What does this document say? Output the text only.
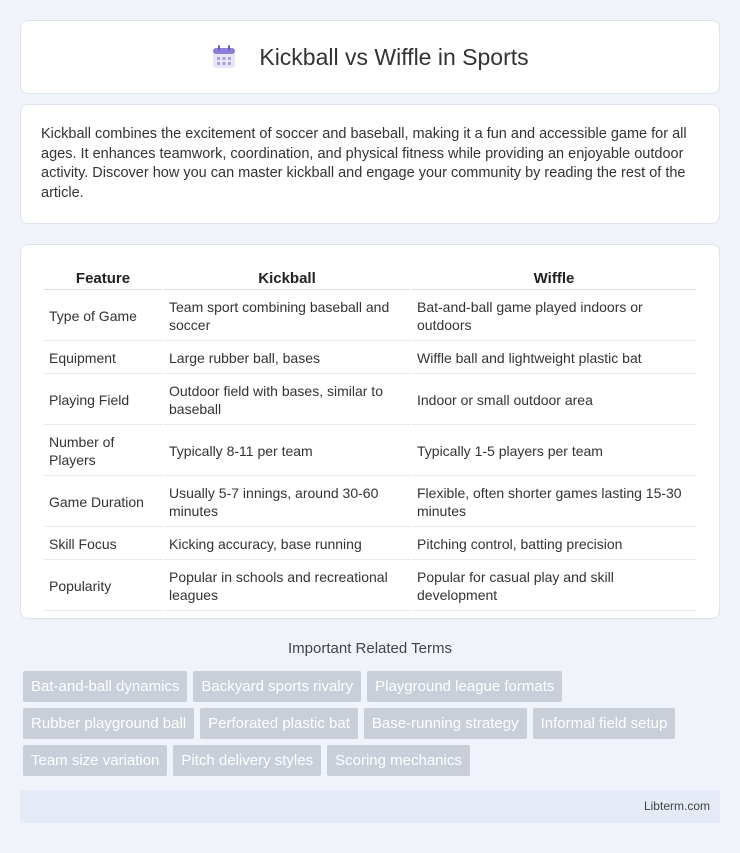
Kickball vs Wiffle in Sports

Kickball combines the excitement of soccer and baseball, making it a fun and accessible game for all ages. It enhances teamwork, coordination, and physical fitness while providing an enjoyable outdoor activity. Discover how you can master kickball and engage your community by reading the rest of the article.

Feature	Kickball	Wiffle
Type of Game	Team sport combining baseball and soccer	Bat-and-ball game played indoors or outdoors
Equipment	Large rubber ball, bases	Wiffle ball and lightweight plastic bat
Playing Field	Outdoor field with bases, similar to baseball	Indoor or small outdoor area
Number of Players	Typically 8-11 per team	Typically 1-5 players per team
Game Duration	Usually 5-7 innings, around 30-60 minutes	Flexible, often shorter games lasting 15-30 minutes
Skill Focus	Kicking accuracy, base running	Pitching control, batting precision
Popularity	Popular in schools and recreational leagues	Popular for casual play and skill development
Important Related Terms
Bat-and-ball dynamics	Backyard sports rivalry	Playground league formats
Rubber playground ball	Perforated plastic bat	Base-running strategy	Informal field setup
Team size variation	Pitch delivery styles	Scoring mechanics
Libterm.com
